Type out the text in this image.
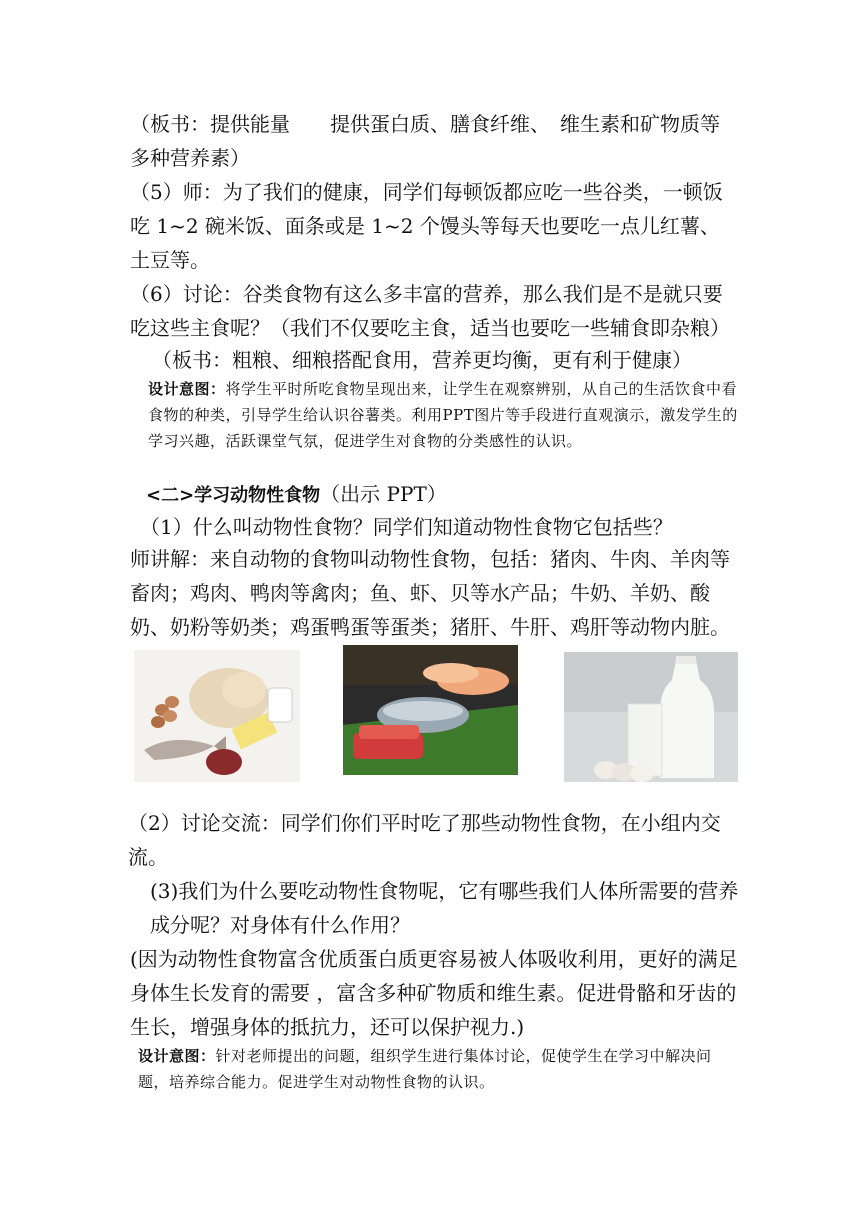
（板书：提供能量　　提供蛋白质、膳食纤维、　维生素和矿物质等多种营养素）

（5）师：为了我们的健康，同学们每顿饭都应吃一些谷类，一顿饭吃 1~2 碗米饭、面条或是 1~2 个馒头等每天也要吃一点儿红薯、土豆等。

（6）讨论：谷类食物有这么多丰富的营养，那么我们是不是就只要吃这些主食呢？（我们不仅要吃主食，适当也要吃一些辅食即杂粮）

（板书：粗粮、细粮搭配食用，营养更均衡，更有利于健康）

设计意图：将学生平时所吃食物呈现出来，让学生在观察辨别，从自己的生活饮食中看食物的种类，引导学生给认识谷薯类。利用PPT图片等手段进行直观演示，激发学生的学习兴趣，活跃课堂气氛，促进学生对食物的分类感性的认识。

<二>学习动物性食物（出示 PPT）

（1）什么叫动物性食物？同学们知道动物性食物它包括些？

师讲解：来自动物的食物叫动物性食物，包括：猪肉、牛肉、羊肉等畜肉；鸡肉、鸭肉等禽肉；鱼、虾、贝等水产品；牛奶、羊奶、酸奶、奶粉等奶类；鸡蛋鸭蛋等蛋类；猪肝、牛肝、鸡肝等动物内脏。

（2）讨论交流：同学们你们平时吃了那些动物性食物，在小组内交流。

(3)我们为什么要吃动物性食物呢，它有哪些我们人体所需要的营养成分呢？对身体有什么作用？

(因为动物性食物富含优质蛋白质更容易被人体吸收利用，更好的满足身体生长发育的需要 ，富含多种矿物质和维生素。促进骨骼和牙齿的生长，增强身体的抵抗力，还可以保护视力.)

设计意图：针对老师提出的问题，组织学生进行集体讨论，促使学生在学习中解决问题，培养综合能力。促进学生对动物性食物的认识。
